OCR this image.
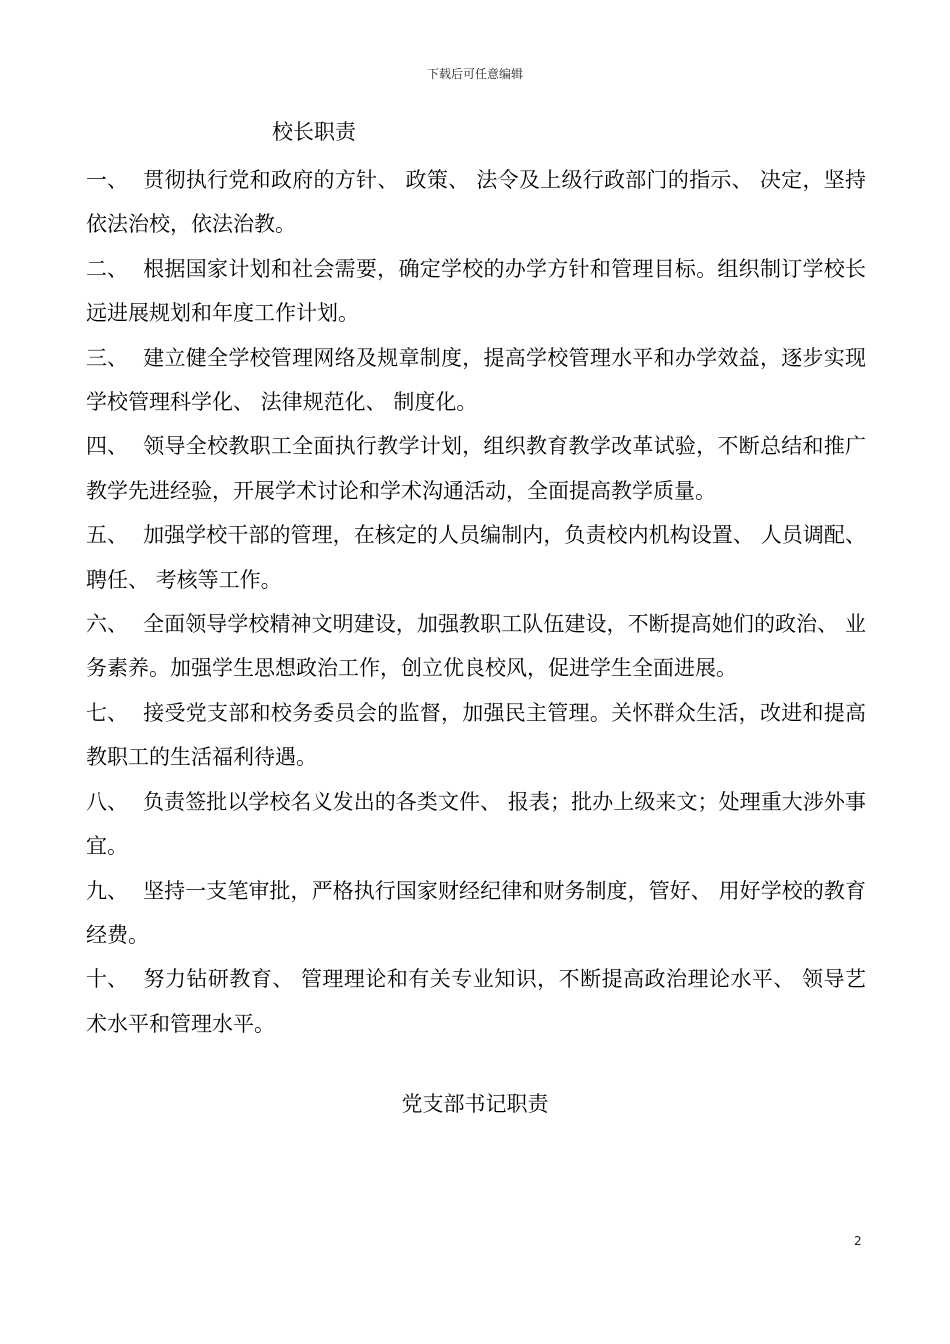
下载后可任意编辑
校长职责
一、 贯彻执行党和政府的方针、 政策、 法令及上级行政部门的指示、 决定，坚持依法治校，依法治教。
二、 根据国家计划和社会需要，确定学校的办学方针和管理目标。组织制订学校长远进展规划和年度工作计划。
三、 建立健全学校管理网络及规章制度，提高学校管理水平和办学效益，逐步实现学校管理科学化、 法律规范化、 制度化。
四、 领导全校教职工全面执行教学计划，组织教育教学改革试验，不断总结和推广教学先进经验，开展学术讨论和学术沟通活动，全面提高教学质量。
五、 加强学校干部的管理，在核定的人员编制内，负责校内机构设置、 人员调配、 聘任、 考核等工作。
六、 全面领导学校精神文明建设，加强教职工队伍建设，不断提高她们的政治、 业务素养。加强学生思想政治工作，创立优良校风，促进学生全面进展。
七、 接受党支部和校务委员会的监督，加强民主管理。关怀群众生活，改进和提高教职工的生活福利待遇。
八、 负责签批以学校名义发出的各类文件、 报表；批办上级来文；处理重大涉外事宜。
九、 坚持一支笔审批，严格执行国家财经纪律和财务制度，管好、 用好学校的教育经费。
十、 努力钻研教育、 管理理论和有关专业知识，不断提高政治理论水平、 领导艺术水平和管理水平。
党支部书记职责
2
